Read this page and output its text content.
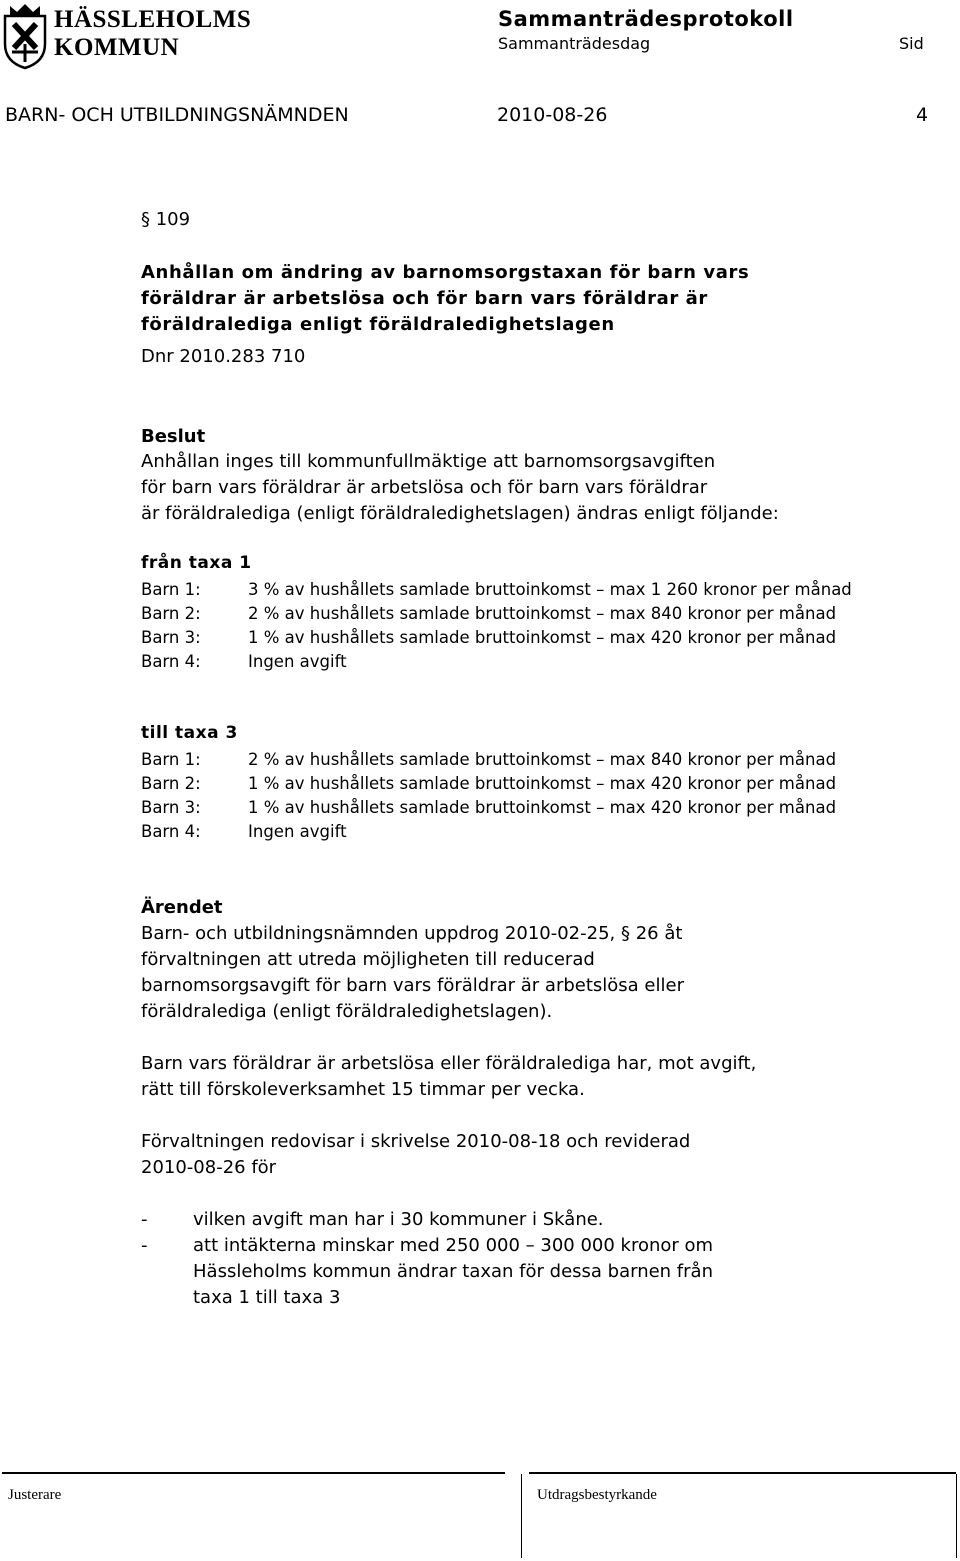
HÄSSLEHOLMS
KOMMUN
Sammanträdesprotokoll
Sammanträdesdag	Sid
BARN- OCH UTBILDNINGSNÄMNDEN	2010-08-26	4
§ 109
Anhållan om ändring av barnomsorgstaxan för barn vars
föräldrar är arbetslösa och för barn vars föräldrar är
föräldralediga enligt föräldraledighetslagen
Dnr 2010.283 710
Beslut
Anhållan inges till kommunfullmäktige att barnomsorgsavgiften
för barn vars föräldrar är arbetslösa och för barn vars föräldrar
är föräldralediga (enligt föräldraledighetslagen) ändras enligt följande:
från taxa 1
Barn 1:	3 % av hushållets samlade bruttoinkomst – max 1 260 kronor per månad
Barn 2:	2 % av hushållets samlade bruttoinkomst – max 840 kronor per månad
Barn 3:	1 % av hushållets samlade bruttoinkomst – max 420 kronor per månad
Barn 4:	Ingen avgift
till taxa 3
Barn 1:	2 % av hushållets samlade bruttoinkomst – max 840 kronor per månad
Barn 2:	1 % av hushållets samlade bruttoinkomst – max 420 kronor per månad
Barn 3:	1 % av hushållets samlade bruttoinkomst – max 420 kronor per månad
Barn 4:	Ingen avgift
Ärendet
Barn- och utbildningsnämnden uppdrog 2010-02-25, § 26 åt
förvaltningen att utreda möjligheten till reducerad
barnomsorgsavgift för barn vars föräldrar är arbetslösa eller
föräldralediga (enligt föräldraledighetslagen).
Barn vars föräldrar är arbetslösa eller föräldralediga har, mot avgift,
rätt till förskoleverksamhet 15 timmar per vecka.
Förvaltningen redovisar i skrivelse 2010-08-18 och reviderad
2010-08-26 för
-	vilken avgift man har i 30 kommuner i Skåne.
-	att intäkterna minskar med 250 000 – 300 000 kronor om
Hässleholms kommun ändrar taxan för dessa barnen från
taxa 1 till taxa 3
Justerare	Utdragsbestyrkande
